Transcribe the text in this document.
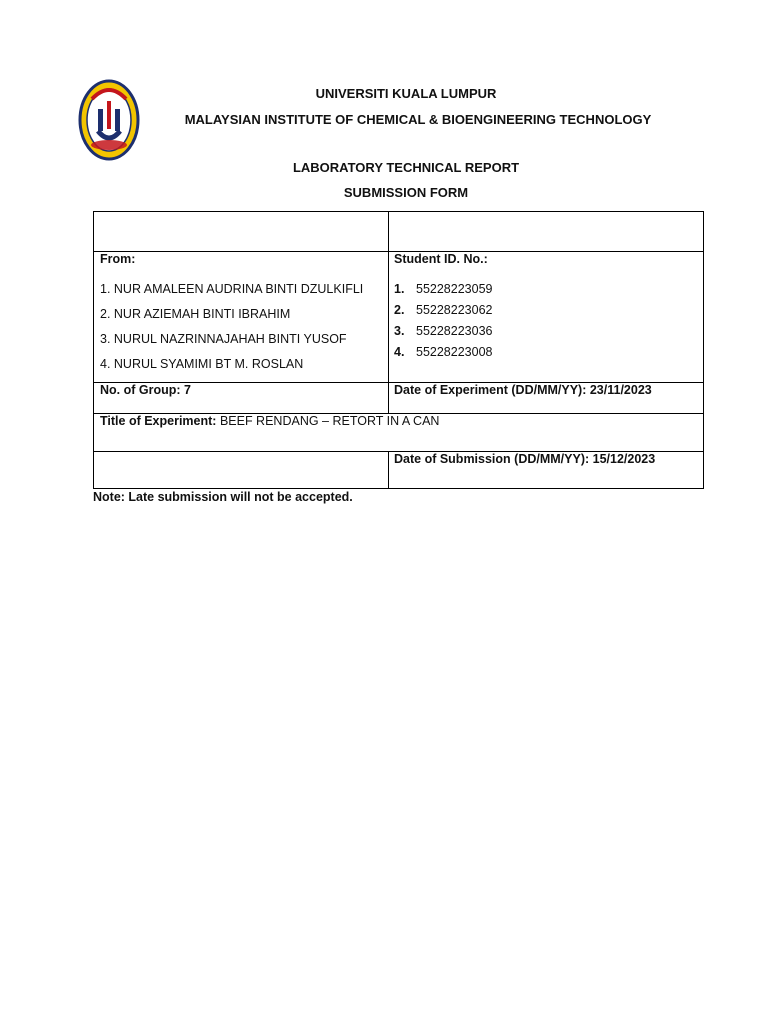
UNIVERSITI KUALA LUMPUR
MALAYSIAN INSTITUTE OF CHEMICAL & BIOENGINEERING TECHNOLOGY
LABORATORY TECHNICAL REPORT
SUBMISSION FORM
From:
1. NUR AMALEEN AUDRINA BINTI DZULKIFLI
2. NUR AZIEMAH BINTI IBRAHIM
3. NURUL NAZRINNAJAHAH BINTI YUSOF
4. NURUL SYAMIMI BT M. ROSLAN
Student ID. No.:
1. 55228223059
2. 55228223062
3. 55228223036
4. 55228223008
No. of Group: 7	Date of Experiment (DD/MM/YY): 23/11/2023
Title of Experiment: BEEF RENDANG – RETORT IN A CAN
Date of Submission (DD/MM/YY): 15/12/2023
Note: Late submission will not be accepted.
